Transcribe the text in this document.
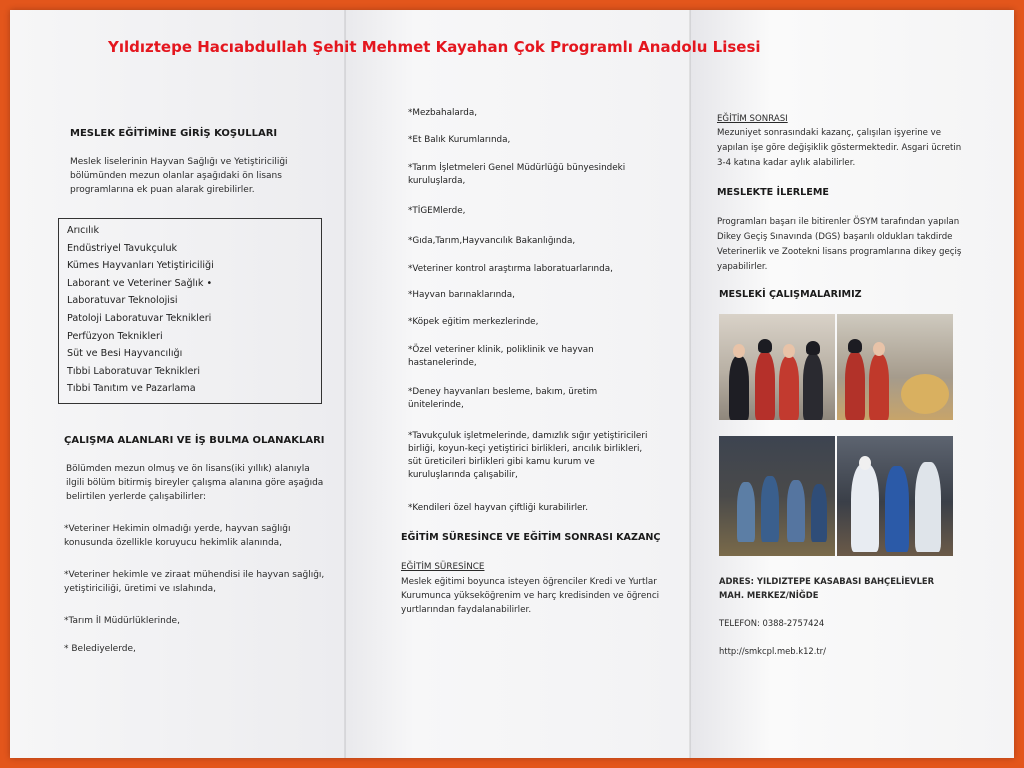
MESLEK EĞİTİMİNE GİRİŞ KOŞULLARI
Meslek liselerinin Hayvan Sağlığı ve Yetiştiriciliği bölümünden mezun olanlar aşağıdaki ön lisans programlarına ek puan alarak girebilirler.
Arıcılık
Endüstriyel Tavukçuluk
Kümes Hayvanları Yetiştiriciliği
Laborant ve Veteriner Sağlık •
Laboratuvar Teknolojisi
Patoloji Laboratuvar Teknikleri
Perfüzyon Teknikleri
Süt ve Besi Hayvancılığı
Tıbbi Laboratuvar Teknikleri
Tıbbi Tanıtım ve Pazarlama
ÇALIŞMA ALANLARI VE İŞ BULMA OLANAKLARI
Bölümden mezun olmuş ve ön lisans(iki yıllık) alanıyla ilgili bölüm bitirmiş bireyler çalışma alanına göre aşağıda belirtilen yerlerde çalışabilirler:
*Veteriner Hekimin olmadığı yerde, hayvan sağlığı konusunda özellikle koruyucu hekimlik alanında,
*Veteriner hekimle ve ziraat mühendisi ile hayvan sağlığı, yetiştiriciliği, üretimi ve ıslahında,
*Tarım İl Müdürlüklerinde,
* Belediyelerde,
*Mezbahalarda,
*Et Balık Kurumlarında,
*Tarım İşletmeleri Genel Müdürlüğü bünyesindeki kuruluşlarda,
*TİGEMlerde,
*Gıda,Tarım,Hayvancılık Bakanlığında,
*Veteriner kontrol araştırma laboratuarlarında,
*Hayvan barınaklarında,
*Köpek eğitim merkezlerinde,
*Özel veteriner klinik, poliklinik ve hayvan hastanelerinde,
*Deney hayvanları besleme, bakım, üretim ünitelerinde,
*Tavukçuluk işletmelerinde, damızlık sığır yetiştiricileri birliği, koyun-keçi yetiştirici birlikleri, arıcılık birlikleri, süt üreticileri birlikleri gibi kamu kurum ve kuruluşlarında çalışabilir,
*Kendileri özel hayvan çiftliği kurabilirler.
EĞİTİM SÜRESİNCE VE EĞİTİM SONRASI KAZANÇ
EĞİTİM SÜRESİNCE
Meslek eğitimi boyunca isteyen öğrenciler Kredi ve Yurtlar Kurumunca yükseköğrenim ve harç kredisinden ve öğrenci yurtlarından faydalanabilirler.
EĞİTİM SONRASI
Mezuniyet sonrasındaki kazanç, çalışılan işyerine ve yapılan işe göre değişiklik göstermektedir. Asgari ücretin 3-4 katına kadar aylık alabilirler.
MESLEKTE İLERLEME
Programları başarı ile bitirenler ÖSYM tarafından yapılan Dikey Geçiş Sınavında (DGS) başarılı oldukları takdirde Veterinerlik ve Zootekni lisans programlarına dikey geçiş yapabilirler.
MESLEKİ ÇALIŞMALARIMIZ
ADRES: YILDIZTEPE KASABASI BAHÇELİEVLER MAH. MERKEZ/NİĞDE
TELEFON: 0388-2757424
http://smkcpl.meb.k12.tr/
Yıldıztepe Hacıabdullah Şehit Mehmet Kayahan Çok Programlı Anadolu Lisesi
